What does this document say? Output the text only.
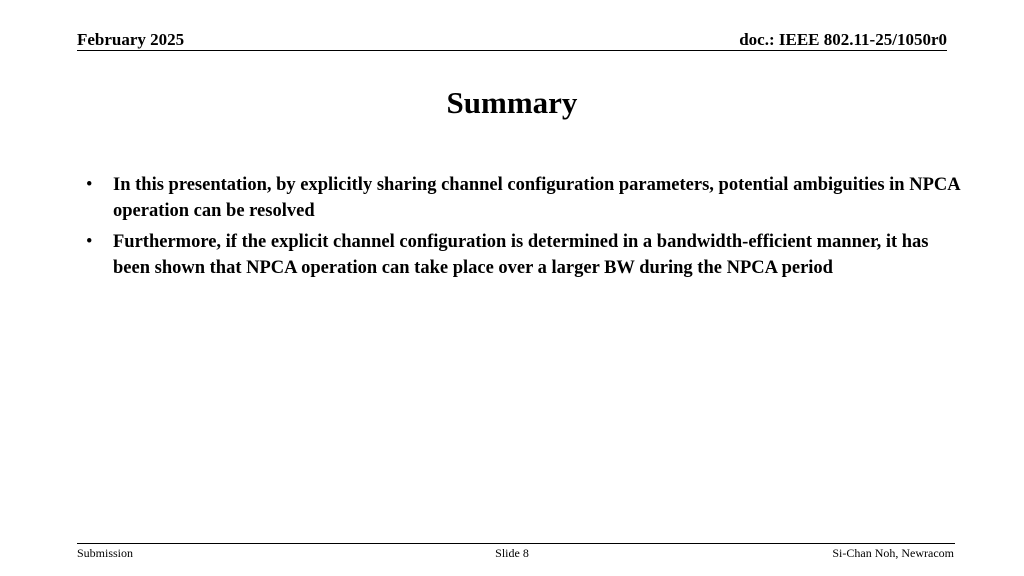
February 2025	doc.: IEEE 802.11-25/1050r0
Summary
• In this presentation, by explicitly sharing channel configuration parameters, potential ambiguities in NPCA operation can be resolved
• Furthermore, if the explicit channel configuration is determined in a bandwidth-efficient manner, it has been shown that NPCA operation can take place over a larger BW during the NPCA period
Submission	Slide 8	Si-Chan Noh, Newracom
